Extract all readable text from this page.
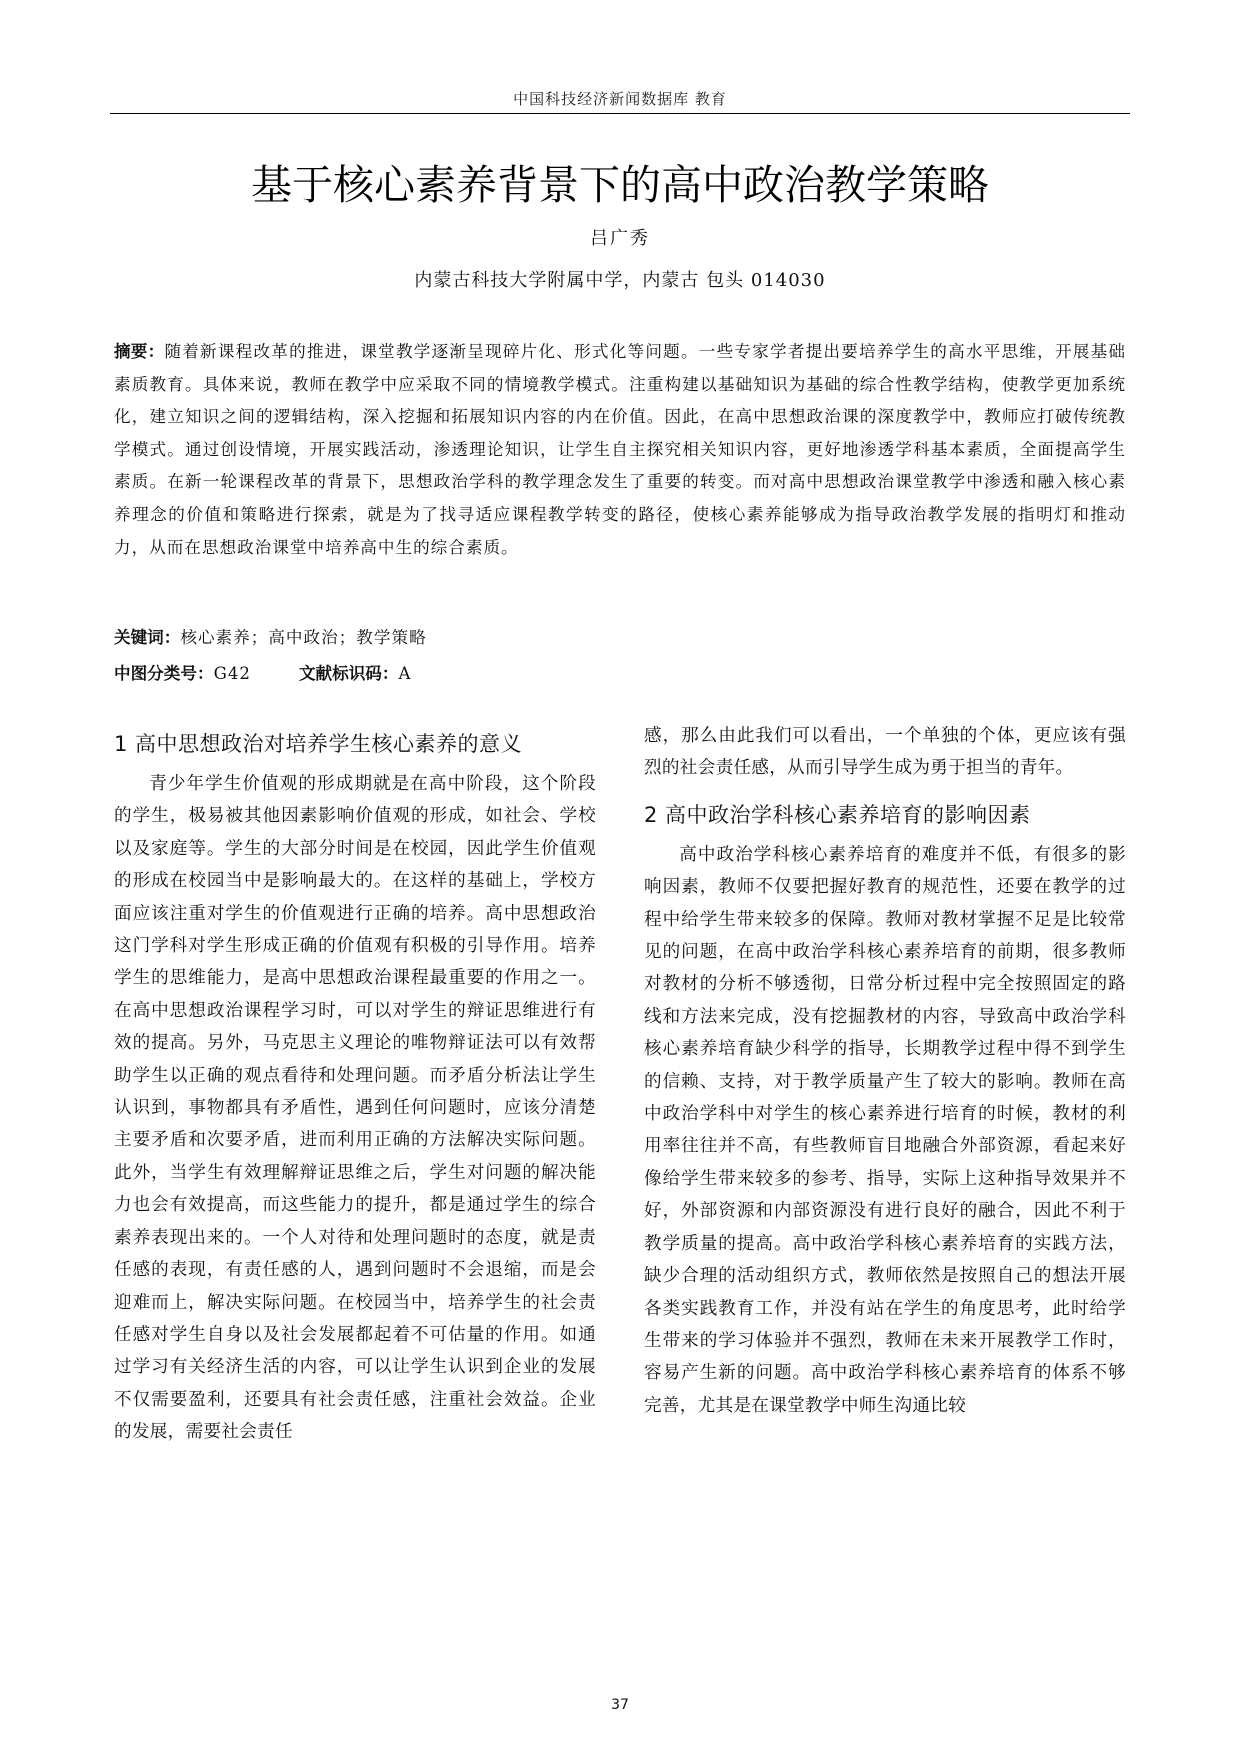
中国科技经济新闻数据库 教育
基于核心素养背景下的高中政治教学策略
吕广秀
内蒙古科技大学附属中学，内蒙古 包头 014030
摘要：随着新课程改革的推进，课堂教学逐渐呈现碎片化、形式化等问题。一些专家学者提出要培养学生的高水平思维，开展基础素质教育。具体来说，教师在教学中应采取不同的情境教学模式。注重构建以基础知识为基础的综合性教学结构，使教学更加系统化，建立知识之间的逻辑结构，深入挖掘和拓展知识内容的内在价值。因此，在高中思想政治课的深度教学中，教师应打破传统教学模式。通过创设情境，开展实践活动，渗透理论知识，让学生自主探究相关知识内容，更好地渗透学科基本素质，全面提高学生素质。在新一轮课程改革的背景下，思想政治学科的教学理念发生了重要的转变。而对高中思想政治课堂教学中渗透和融入核心素养理念的价值和策略进行探索，就是为了找寻适应课程教学转变的路径，使核心素养能够成为指导政治教学发展的指明灯和推动力，从而在思想政治课堂中培养高中生的综合素质。
关键词：核心素养；高中政治；教学策略
中图分类号：G42	文献标识码：A
1 高中思想政治对培养学生核心素养的意义

青少年学生价值观的形成期就是在高中阶段，这个阶段的学生，极易被其他因素影响价值观的形成，如社会、学校以及家庭等。学生的大部分时间是在校园，因此学生价值观的形成在校园当中是影响最大的。在这样的基础上，学校方面应该注重对学生的价值观进行正确的培养。高中思想政治这门学科对学生形成正确的价值观有积极的引导作用。培养学生的思维能力，是高中思想政治课程最重要的作用之一。在高中思想政治课程学习时，可以对学生的辩证思维进行有效的提高。另外，马克思主义理论的唯物辩证法可以有效帮助学生以正确的观点看待和处理问题。而矛盾分析法让学生认识到，事物都具有矛盾性，遇到任何问题时，应该分清楚主要矛盾和次要矛盾，进而利用正确的方法解决实际问题。此外，当学生有效理解辩证思维之后，学生对问题的解决能力也会有效提高，而这些能力的提升，都是通过学生的综合素养表现出来的。一个人对待和处理问题时的态度，就是责任感的表现，有责任感的人，遇到问题时不会退缩，而是会迎难而上，解决实际问题。在校园当中，培养学生的社会责任感对学生自身以及社会发展都起着不可估量的作用。如通过学习有关经济生活的内容，可以让学生认识到企业的发展不仅需要盈利，还要具有社会责任感，注重社会效益。企业的发展，需要社会责任

感，那么由此我们可以看出，一个单独的个体，更应该有强烈的社会责任感，从而引导学生成为勇于担当的青年。

2 高中政治学科核心素养培育的影响因素

高中政治学科核心素养培育的难度并不低，有很多的影响因素，教师不仅要把握好教育的规范性，还要在教学的过程中给学生带来较多的保障。教师对教材掌握不足是比较常见的问题，在高中政治学科核心素养培育的前期，很多教师对教材的分析不够透彻，日常分析过程中完全按照固定的路线和方法来完成，没有挖掘教材的内容，导致高中政治学科核心素养培育缺少科学的指导，长期教学过程中得不到学生的信赖、支持，对于教学质量产生了较大的影响。教师在高中政治学科中对学生的核心素养进行培育的时候，教材的利用率往往并不高，有些教师盲目地融合外部资源，看起来好像给学生带来较多的参考、指导，实际上这种指导效果并不好，外部资源和内部资源没有进行良好的融合，因此不利于教学质量的提高。高中政治学科核心素养培育的实践方法，缺少合理的活动组织方式，教师依然是按照自己的想法开展各类实践教育工作，并没有站在学生的角度思考，此时给学生带来的学习体验并不强烈，教师在未来开展教学工作时，容易产生新的问题。高中政治学科核心素养培育的体系不够完善，尤其是在课堂教学中师生沟通比较

37
